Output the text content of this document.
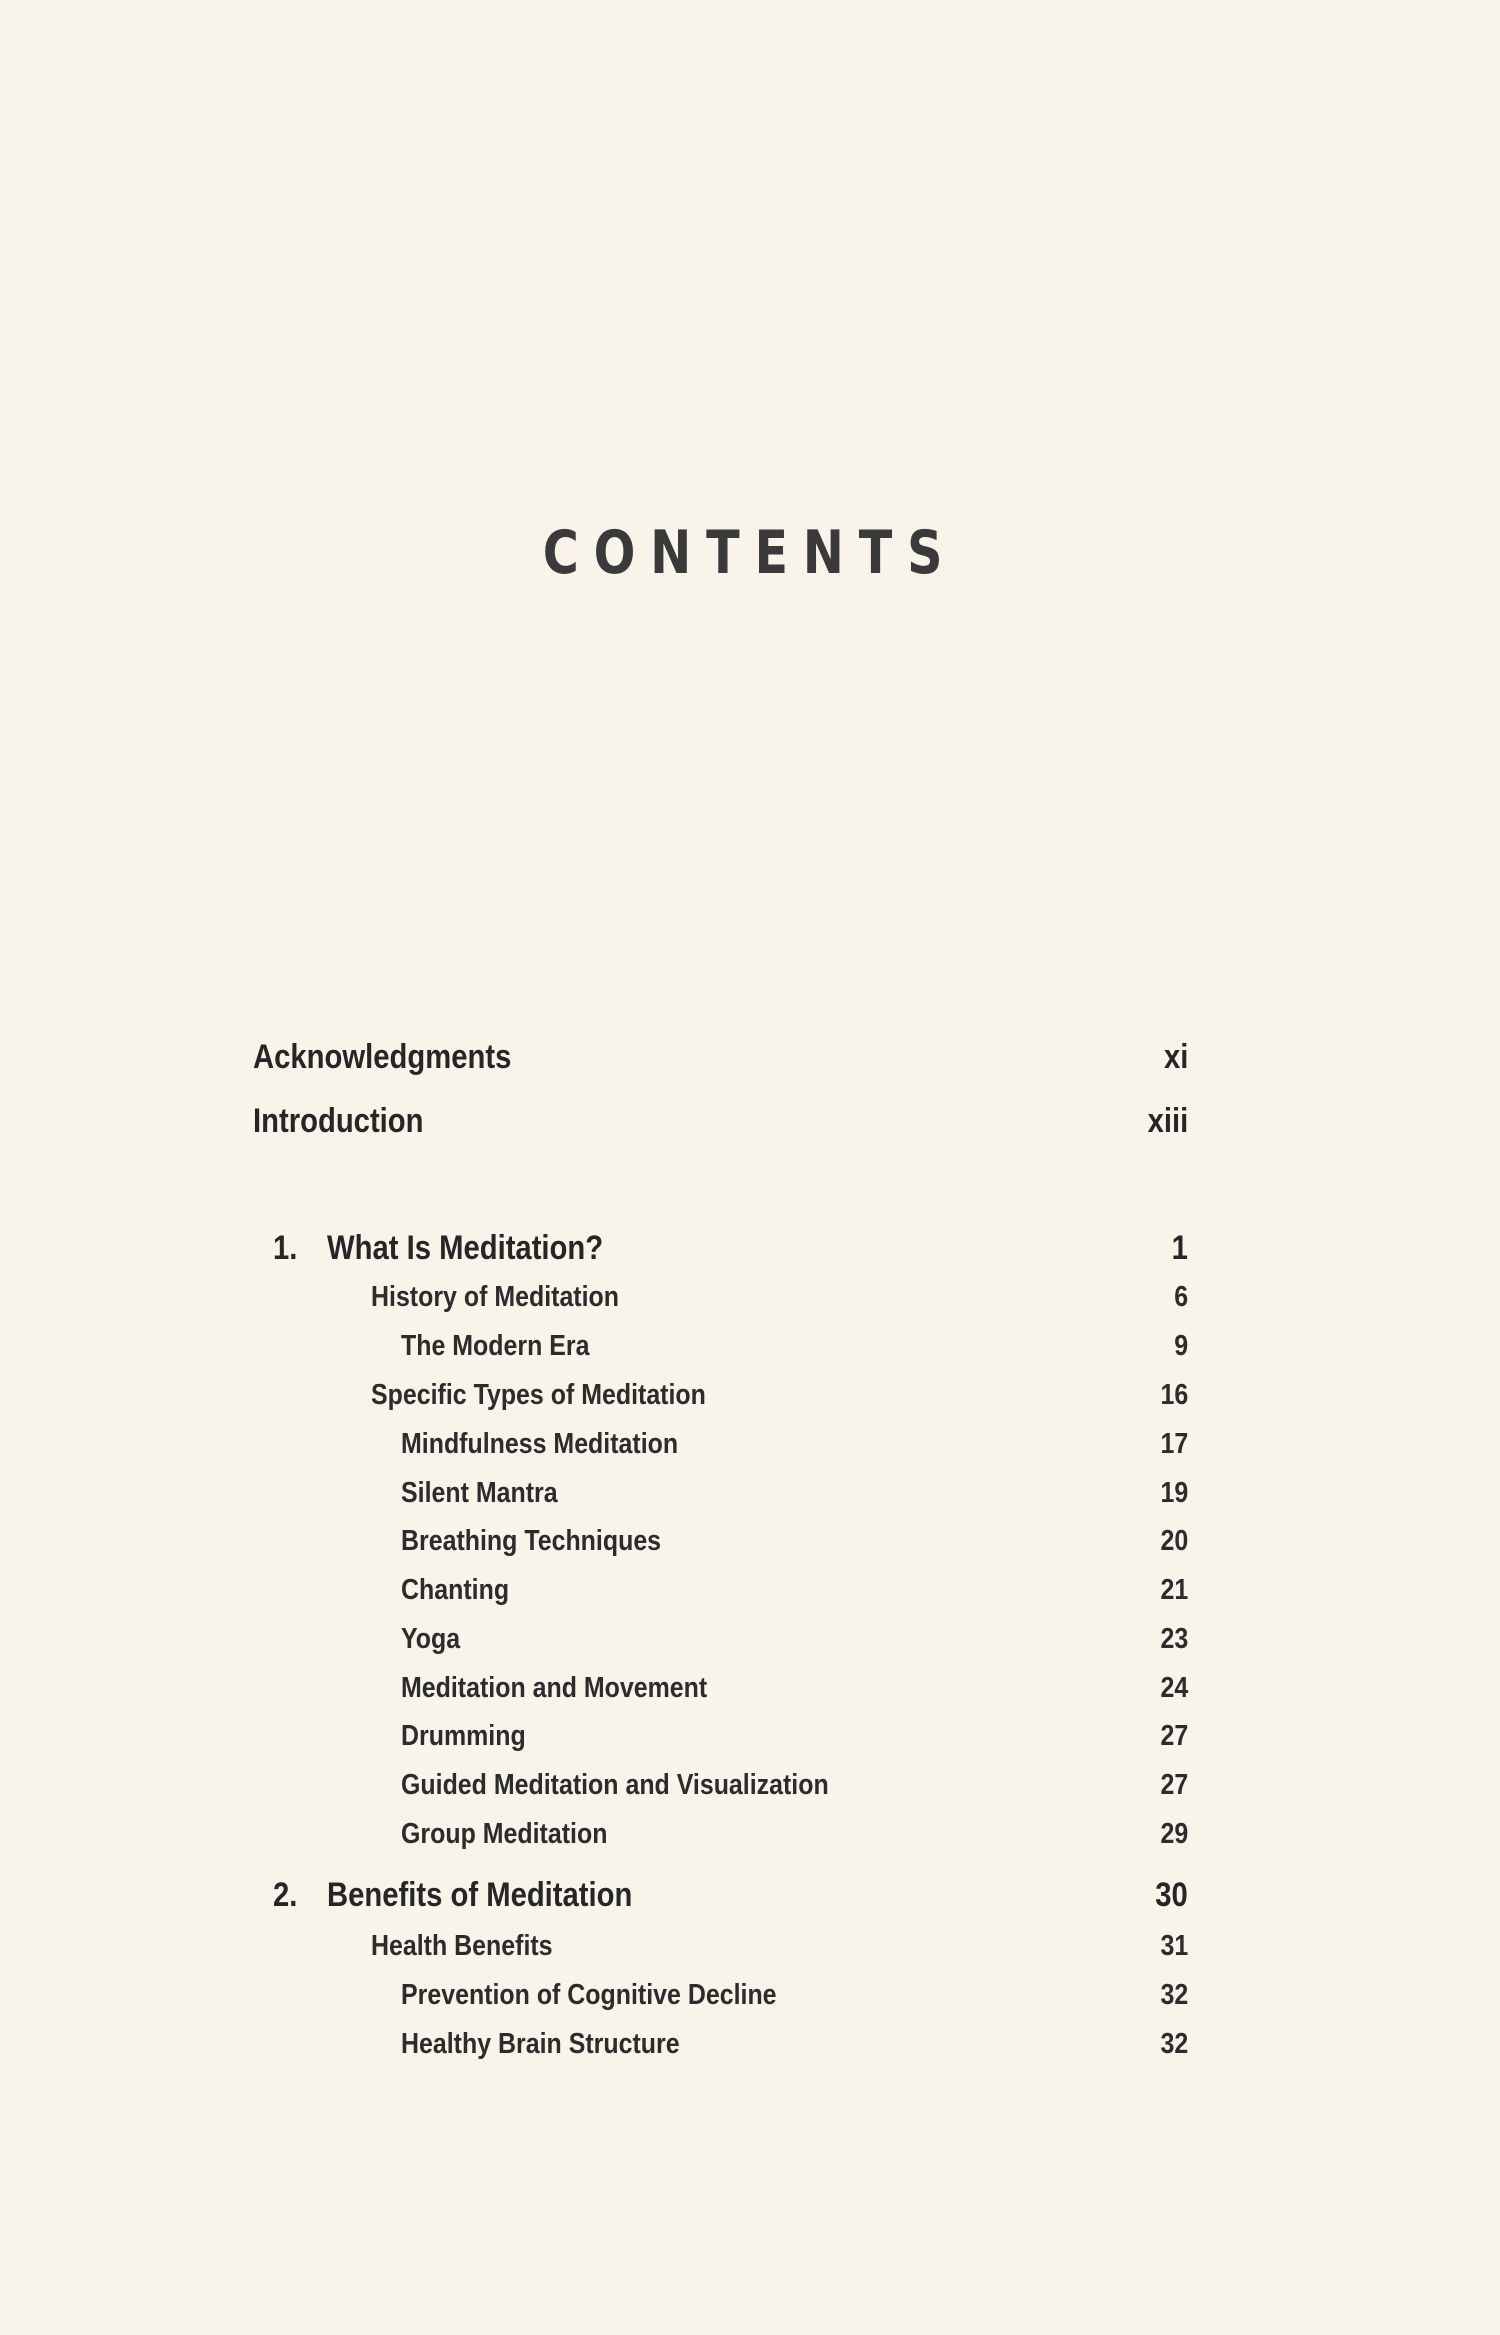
CONTENTS
Acknowledgments	xi
Introduction	xiii
1. What Is Meditation?	1
History of Meditation	6
The Modern Era	9
Specific Types of Meditation	16
Mindfulness Meditation	17
Silent Mantra	19
Breathing Techniques	20
Chanting	21
Yoga	23
Meditation and Movement	24
Drumming	27
Guided Meditation and Visualization	27
Group Meditation	29
2. Benefits of Meditation	30
Health Benefits	31
Prevention of Cognitive Decline	32
Healthy Brain Structure	32
